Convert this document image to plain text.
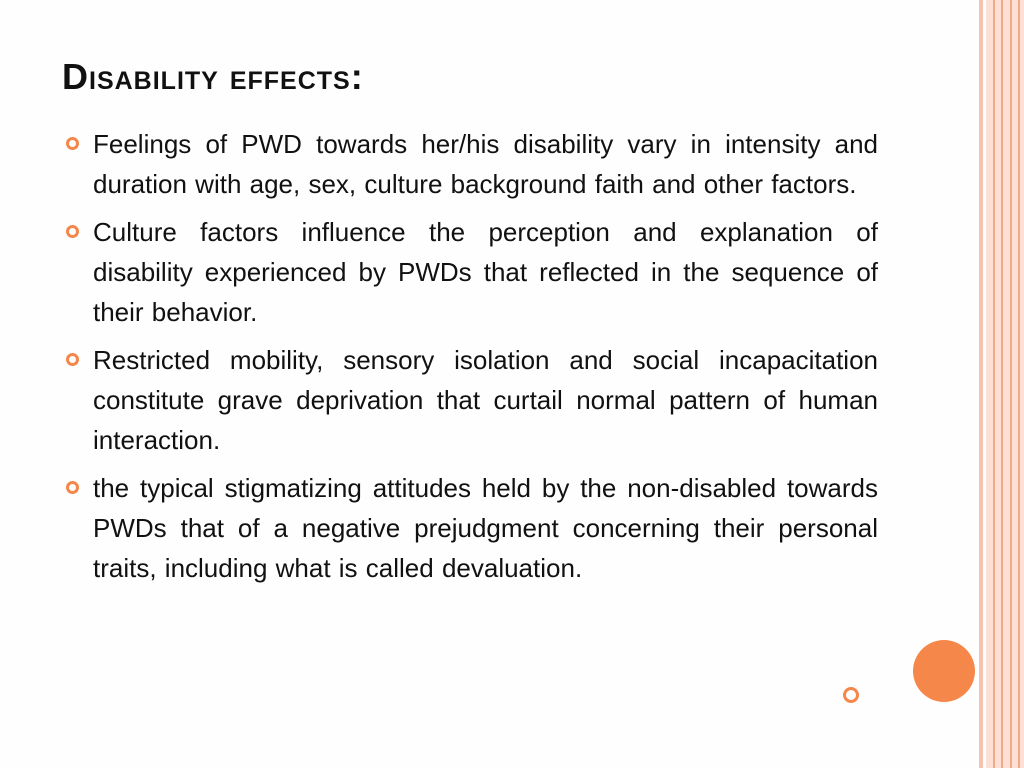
Disability effects:
Feelings of PWD towards her/his disability vary in intensity and duration with age, sex, culture background faith and other factors.
Culture factors influence the perception and explanation of disability experienced by PWDs that reflected in the sequence of their behavior.
Restricted mobility, sensory isolation and social incapacitation constitute grave deprivation that curtail normal pattern of human interaction.
the typical stigmatizing attitudes held by the non-disabled towards PWDs that of a negative prejudgment concerning their personal traits, including what is called devaluation.
